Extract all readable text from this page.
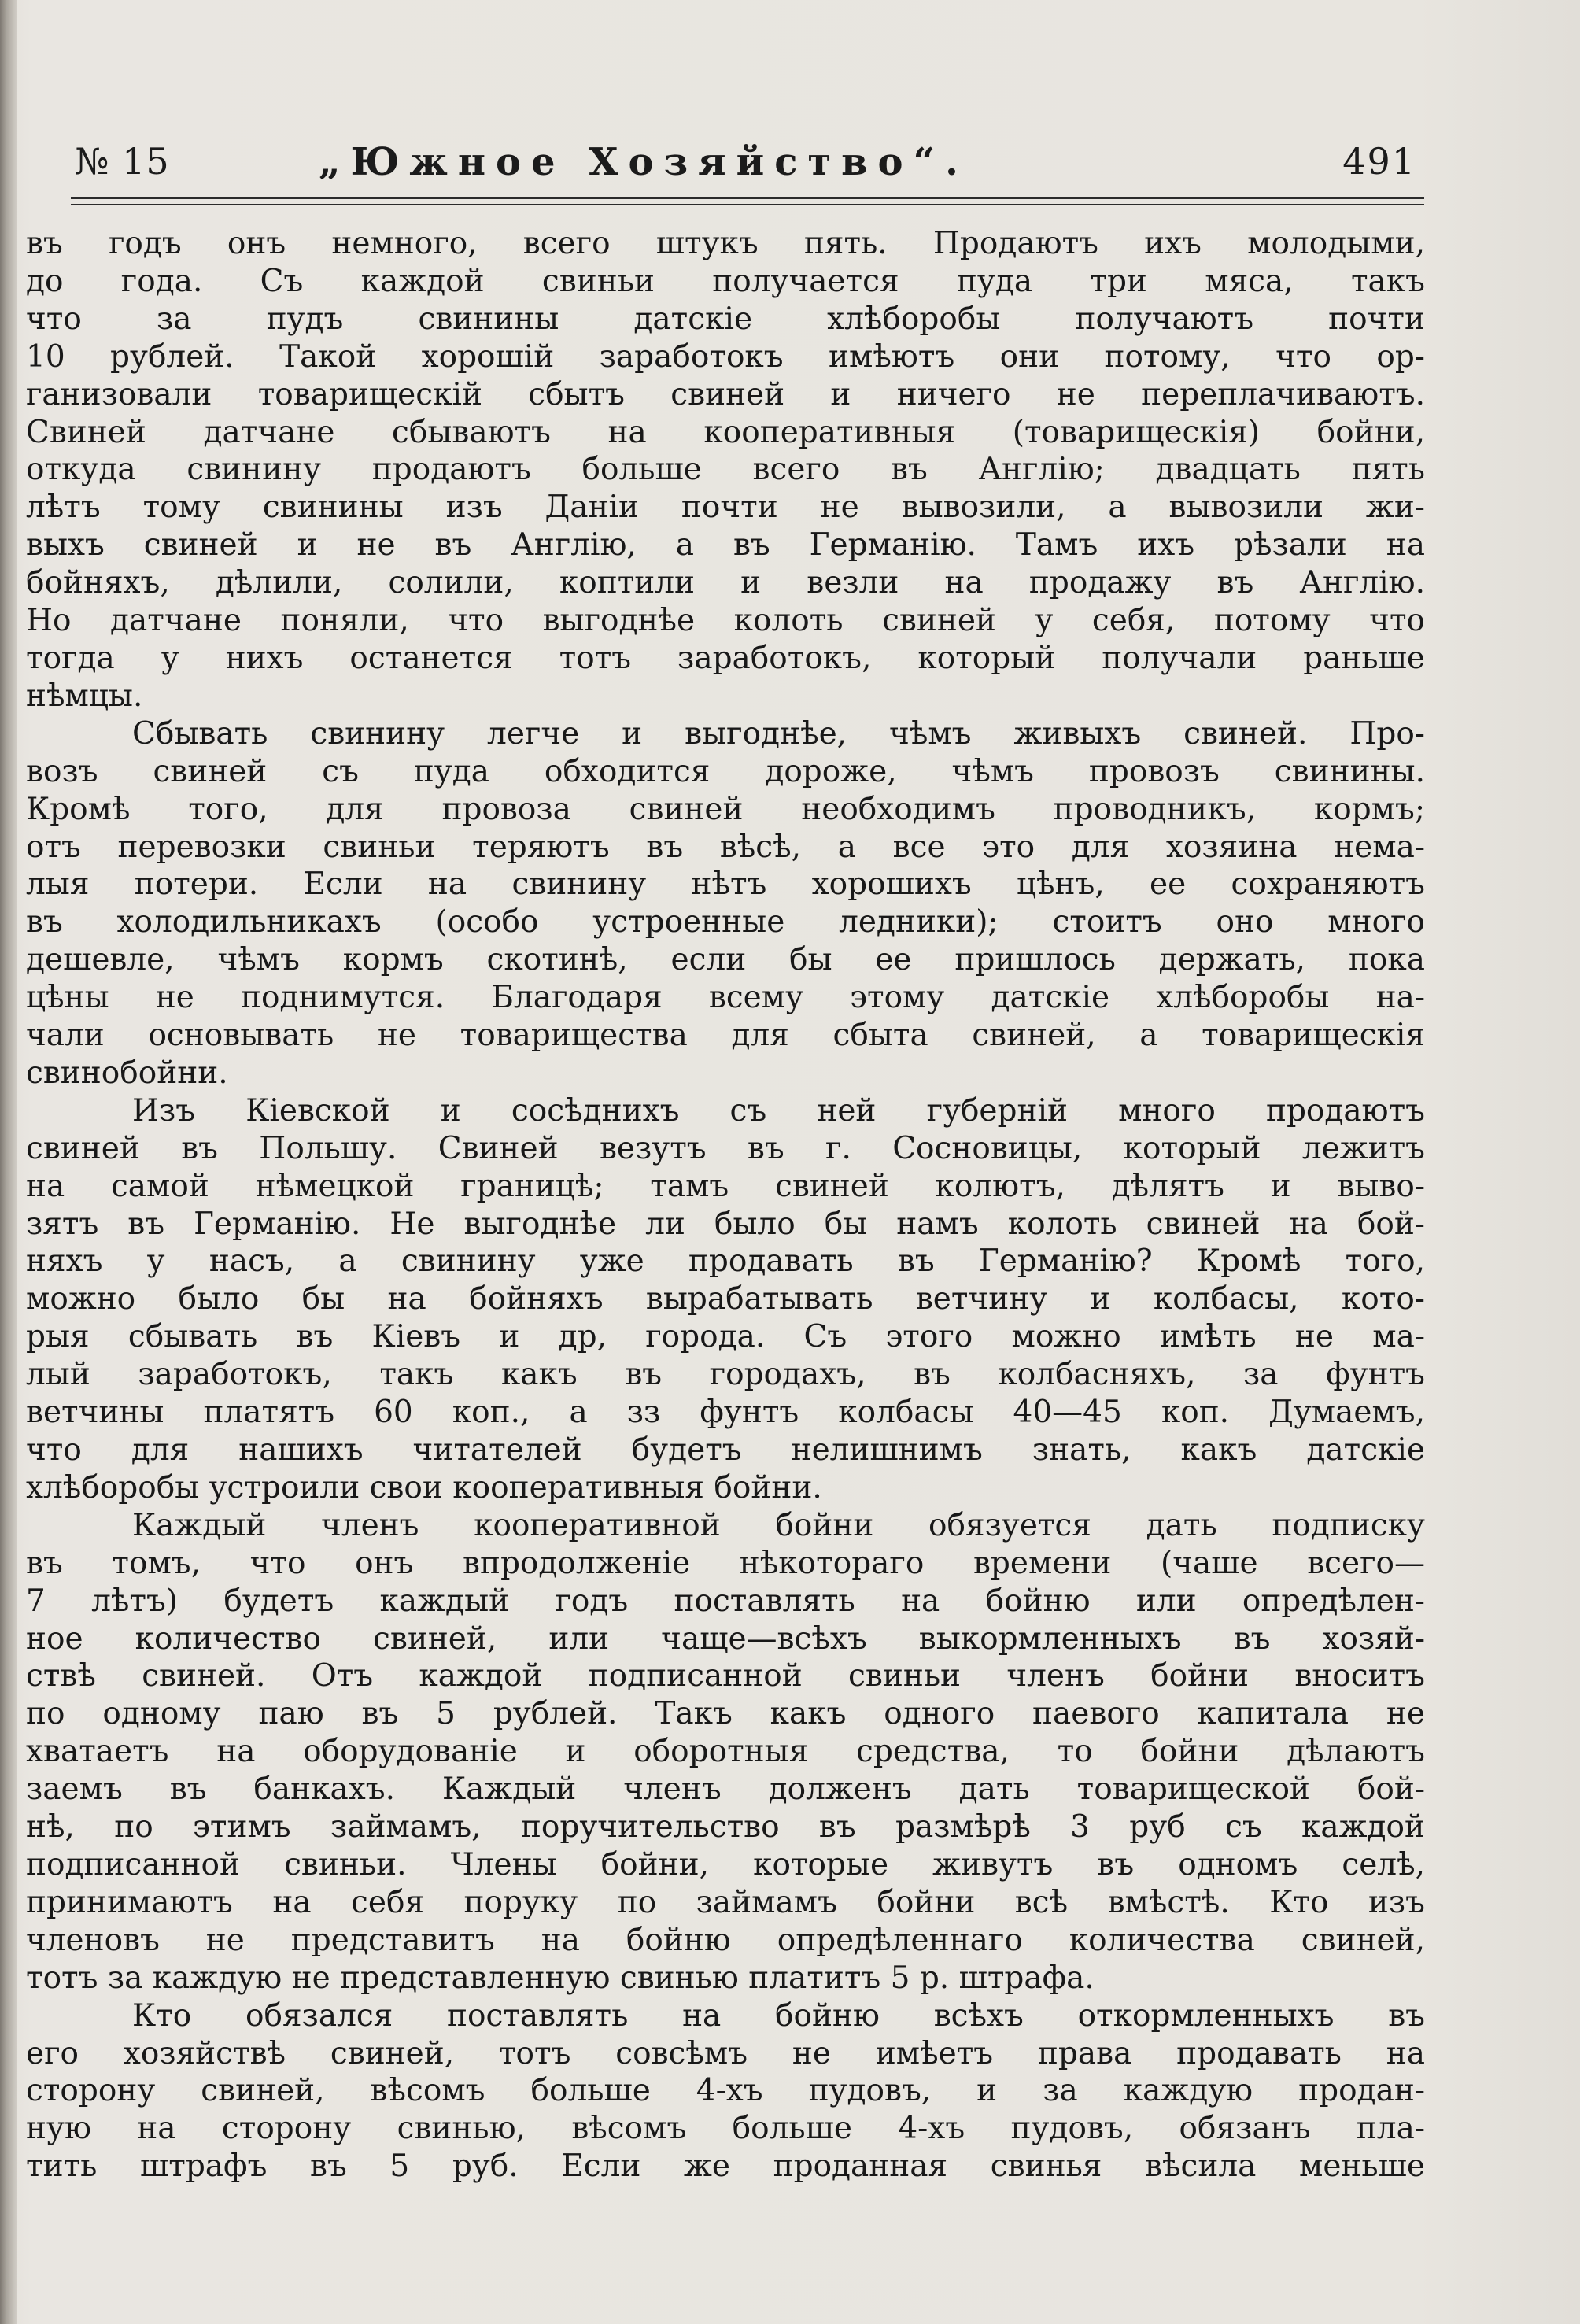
№ 15	„Южное Хозяйство“.	491
въ годъ онъ немного, всего штукъ пять. Продаютъ ихъ молодыми,
до года. Съ каждой свиньи получается пуда три мяса, такъ
что за пудъ свинины датскіе хлѣборобы получаютъ почти
10 рублей. Такой хорошій заработокъ имѣютъ они потому, что ор-
ганизовали товарищескій сбытъ свиней и ничего не переплачиваютъ.
Свиней датчане сбываютъ на кооперативныя (товарищескія) бойни,
откуда свинину продаютъ больше всего въ Англію; двадцать пять
лѣтъ тому свинины изъ Даніи почти не вывозили, а вывозили жи-
выхъ свиней и не въ Англію, а въ Германію. Тамъ ихъ рѣзали на
бойняхъ, дѣлили, солили, коптили и везли на продажу въ Англію.
Но датчане поняли, что выгоднѣе колоть свиней у себя, потому что
тогда у нихъ останется тотъ заработокъ, который получали раньше
нѣмцы.
Сбывать свинину легче и выгоднѣе, чѣмъ живыхъ свиней. Про-
возъ свиней съ пуда обходится дороже, чѣмъ провозъ свинины.
Кромѣ того, для провоза свиней необходимъ проводникъ, кормъ;
отъ перевозки свиньи теряютъ въ вѣсѣ, а все это для хозяина нема-
лыя потери. Если на свинину нѣтъ хорошихъ цѣнъ, ее сохраняютъ
въ холодильникахъ (особо устроенные ледники); стоитъ оно много
дешевле, чѣмъ кормъ скотинѣ, если бы ее пришлось держать, пока
цѣны не поднимутся. Благодаря всему этому датскіе хлѣборобы на-
чали основывать не товарищества для сбыта свиней, а товарищескія
свинобойни.
Изъ Кіевской и сосѣднихъ съ ней губерній много продаютъ
свиней въ Польшу. Свиней везутъ въ г. Сосновицы, который лежитъ
на самой нѣмецкой границѣ; тамъ свиней колютъ, дѣлятъ и выво-
зятъ въ Германію. Не выгоднѣе ли было бы намъ колоть свиней на бой-
няхъ у насъ, а свинину уже продавать въ Германію? Кромѣ того,
можно было бы на бойняхъ вырабатывать ветчину и колбасы, кото-
рыя сбывать въ Кіевъ и др, города. Съ этого можно имѣть не ма-
лый заработокъ, такъ какъ въ городахъ, въ колбасняхъ, за фунтъ
ветчины платятъ 60 коп., а зз фунтъ колбасы 40—45 коп. Думаемъ,
что для нашихъ читателей будетъ нелишнимъ знать, какъ датскіе
хлѣборобы устроили свои кооперативныя бойни.
Каждый членъ кооперативной бойни обязуется дать подписку
въ томъ, что онъ впродолженіе нѣкотораго времени (чаше всего—
7 лѣтъ) будетъ каждый годъ поставлять на бойню или опредѣлен-
ное количество свиней, или чаще—всѣхъ выкормленныхъ въ хозяй-
ствѣ свиней. Отъ каждой подписанной свиньи членъ бойни вноситъ
по одному паю въ 5 рублей. Такъ какъ одного паевого капитала не
хватаетъ на оборудованіе и оборотныя средства, то бойни дѣлаютъ
заемъ въ банкахъ. Каждый членъ долженъ дать товарищеской бой-
нѣ, по этимъ займамъ, поручительство въ размѣрѣ 3 руб съ каждой
подписанной свиньи. Члены бойни, которые живутъ въ одномъ селѣ,
принимаютъ на себя поруку по займамъ бойни всѣ вмѣстѣ. Кто изъ
членовъ не представитъ на бойню опредѣленнаго количества свиней,
тотъ за каждую не представленную свинью платитъ 5 р. штрафа.
Кто обязался поставлять на бойню всѣхъ откормленныхъ въ
его хозяйствѣ свиней, тотъ совсѣмъ не имѣетъ права продавать на
сторону свиней, вѣсомъ больше 4-хъ пудовъ, и за каждую продан-
ную на сторону свинью, вѣсомъ больше 4-хъ пудовъ, обязанъ пла-
тить штрафъ въ 5 руб. Если же проданная свинья вѣсила меньше
